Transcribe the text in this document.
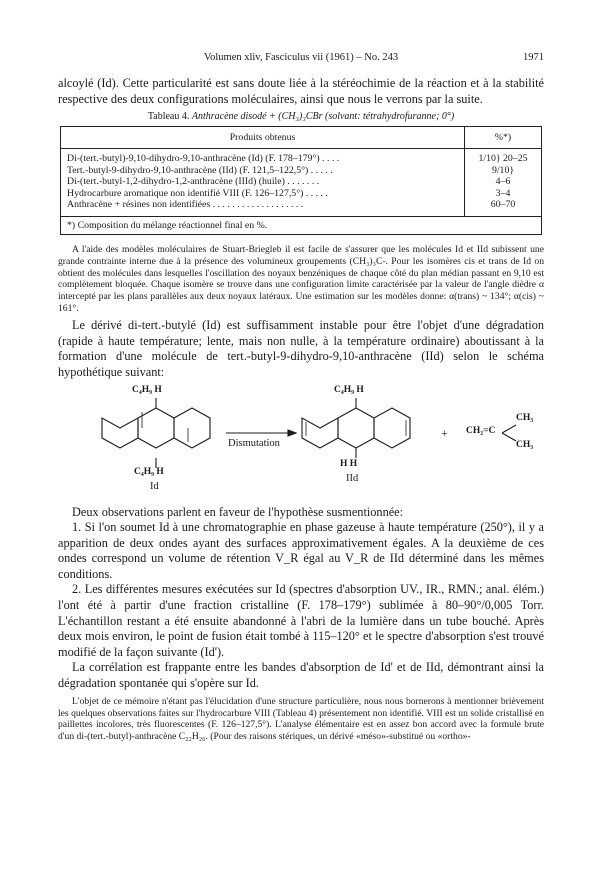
Volumen xliv, Fasciculus vii (1961) – No. 243	1971

alcoylé (Id). Cette particularité est sans doute liée à la stéréochimie de la réaction et à la stabilité respective des deux configurations moléculaires, ainsi que nous le verrons par la suite.

Tableau 4. Anthracène disodé + (CH₃)₃CBr (solvant: tétrahydrofuranne; 0°)

Produits obtenus	%*)
Di-(tert.-butyl)-9,10-dihydro-9,10-anthracène (Id) (F. 178–179°) . . . .	1/10} 20–25
Tert.-butyl-9-dihydro-9,10-anthracène (IId) (F. 121,5–122,5°) . . . . .	9/10}
Di-(tert.-butyl-1,2-dihydro-1,2-anthracène (IIId) (huile) . . . . . . .	4–6
Hydrocarbure aromatique non identifié VIII (F. 126–127,5°) . . . . .	3–4
Anthracène + résines non identifiées . . . . . . . . . . . . . . . . . . .	60–70
*) Composition du mélange réactionnel final en %.	

A l'aide des modèles moléculaires de Stuart-Briegleb il est facile de s'assurer que les molécules Id et IId subissent une grande contrainte interne due à la présence des volumineux groupements (CH₃)₃C-. Pour les isomères cis et trans de Id on obtient des molécules dans lesquelles l'oscillation des noyaux benzéniques de chaque côté du plan médian passant en 9,10 est complètement bloquée. Chaque isomère se trouve dans une configuration limite caractérisée par la valeur de l'angle dièdre α intercepté par les plans parallèles aux deux noyaux latéraux. Une estimation sur les modèles donne: α(trans) ~ 134°; α(cis) ~ 161°.

Le dérivé di-tert.-butylé (Id) est suffisamment instable pour être l'objet d'une dégradation (rapide à haute température; lente, mais non nulle, à la température ordinaire) aboutissant à la formation d'une molécule de tert.-butyl-9-dihydro-9,10-anthracène (IId) selon le schéma hypothétique suivant:

C₄H₉ H
C₄H₉ H
Id
Dismutation
C₄H₉ H
H H
IId
+ CH₂=C
CH₃
CH₃

Deux observations parlent en faveur de l'hypothèse susmentionnée:

1. Si l'on soumet Id à une chromatographie en phase gazeuse à haute température (250°), il y a apparition de deux ondes ayant des surfaces approximativement égales. A la deuxième de ces ondes correspond un volume de rétention V_R égal au V_R de IId déterminé dans les mêmes conditions.

2. Les différentes mesures exécutées sur Id (spectres d'absorption UV., IR., RMN.; anal. élém.) l'ont été à partir d'une fraction cristalline (F. 178–179°) sublimée à 80–90°/0,005 Torr. L'échantillon restant a été ensuite abandonné à l'abri de la lumière dans un tube bouché. Après deux mois environ, le point de fusion était tombé à 115–120° et le spectre d'absorption s'est trouvé modifié de la façon suivante (Id').

La corrélation est frappante entre les bandes d'absorption de Id' et de IId, démontrant ainsi la dégradation spontanée qui s'opère sur Id.

L'objet de ce mémoire n'étant pas l'élucidation d'une structure particulière, nous nous bornerons à mentionner brièvement les quelques observations faites sur l'hydrocarbure VIII (Tableau 4) présentement non identifié. VIII est un solide cristallisé en paillettes incolores, très fluorescentes (F. 126–127,5°). L'analyse élémentaire est en assez bon accord avec la formule brute d'un di-(tert.-butyl)-anthracène C₂₂H₂₆. (Pour des raisons stériques, un dérivé «méso»-substitué ou «ortho»-
